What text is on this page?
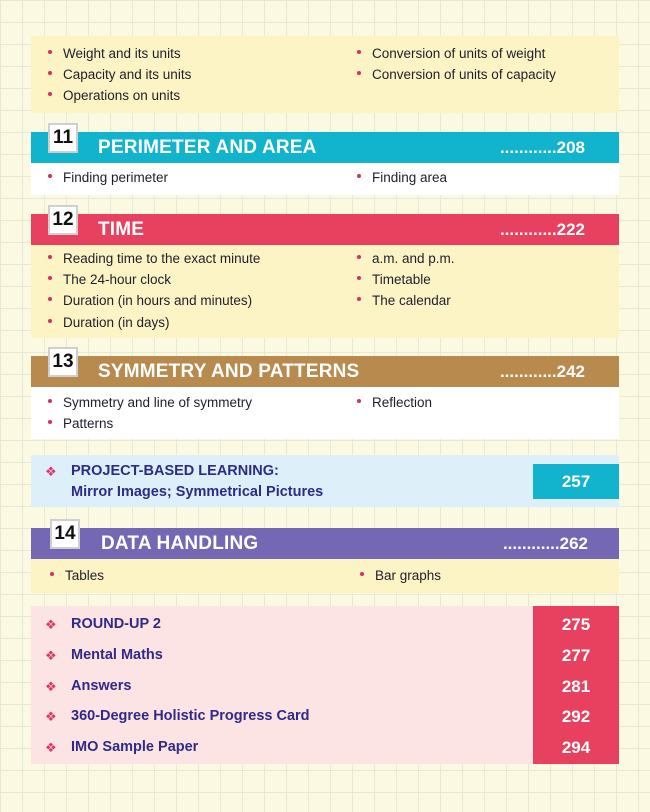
Weight and its units
Capacity and its units
Operations on units
Conversion of units of weight
Conversion of units of capacity
11 PERIMETER AND AREA	............208
Finding perimeter	Finding area
12 TIME	............222
Reading time to the exact minute
The 24-hour clock
Duration (in hours and minutes)
Duration (in days)
a.m. and p.m.
Timetable
The calendar
13 SYMMETRY AND PATTERNS	............242
Symmetry and line of symmetry
Patterns
Reflection
❖ PROJECT-BASED LEARNING:
Mirror Images; Symmetrical Pictures
257
14 DATA HANDLING	............262
Tables	Bar graphs
❖ ROUND-UP 2	275
❖ Mental Maths	277
❖ Answers	281
❖ 360-Degree Holistic Progress Card	292
❖ IMO Sample Paper	294
